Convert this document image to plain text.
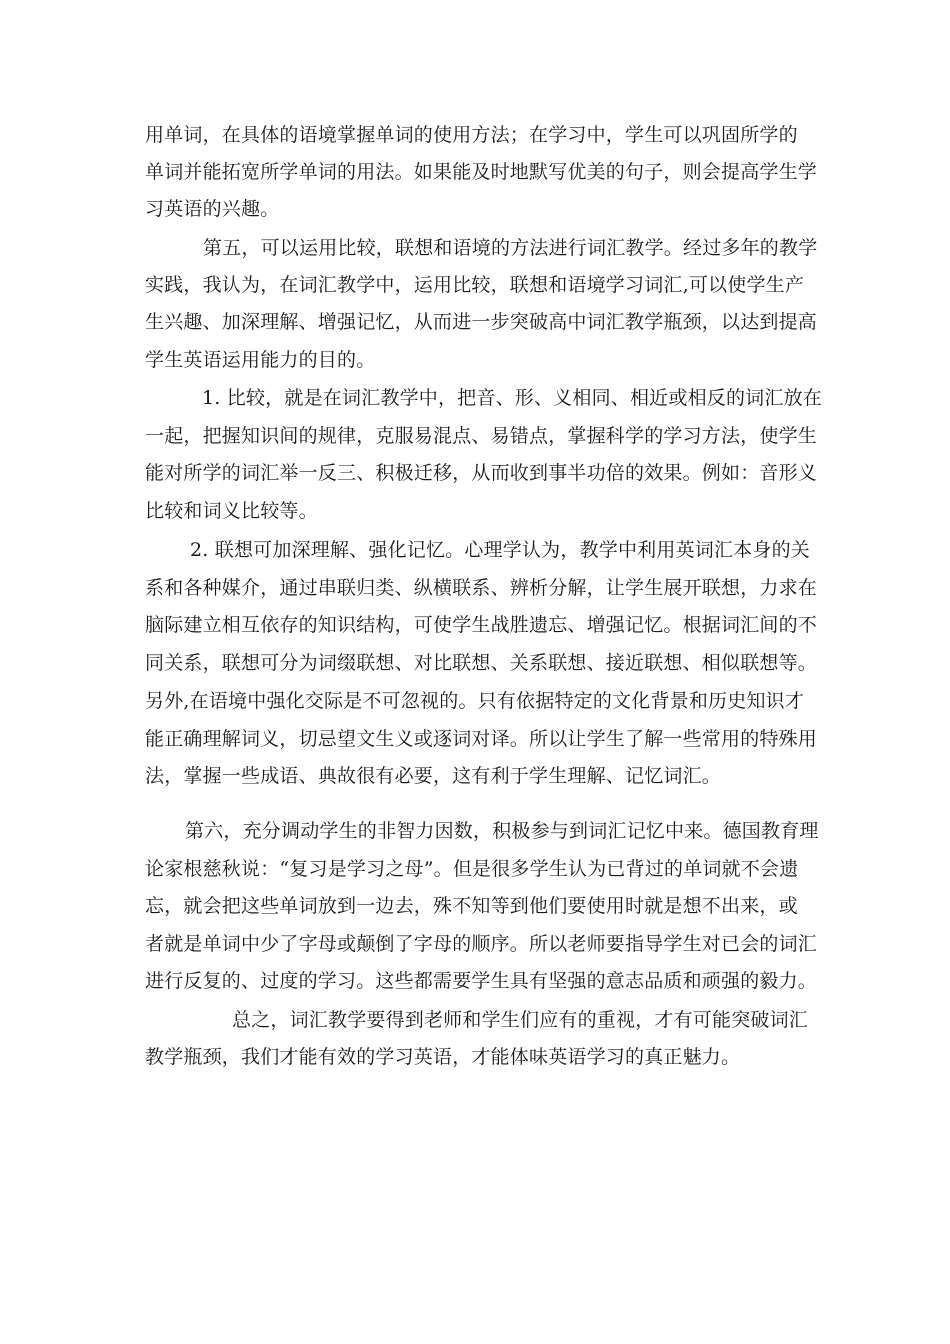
用单词，在具体的语境掌握单词的使用方法；在学习中，学生可以巩固所学的
单词并能拓宽所学单词的用法。如果能及时地默写优美的句子，则会提高学生学
习英语的兴趣。
第五，可以运用比较，联想和语境的方法进行词汇教学。经过多年的教学
实践，我认为，在词汇教学中，运用比较，联想和语境学习词汇,可以使学生产
生兴趣、加深理解、增强记忆，从而进一步突破高中词汇教学瓶颈，以达到提高
学生英语运用能力的目的。
1. 比较，就是在词汇教学中，把音、形、义相同、相近或相反的词汇放在
一起，把握知识间的规律，克服易混点、易错点，掌握科学的学习方法，使学生
能对所学的词汇举一反三、积极迁移，从而收到事半功倍的效果。例如：音形义
比较和词义比较等。
2. 联想可加深理解、强化记忆。心理学认为，教学中利用英词汇本身的关
系和各种媒介，通过串联归类、纵横联系、辨析分解，让学生展开联想，力求在
脑际建立相互依存的知识结构，可使学生战胜遗忘、增强记忆。根据词汇间的不
同关系，联想可分为词缀联想、对比联想、关系联想、接近联想、相似联想等。
另外,在语境中强化交际是不可忽视的。只有依据特定的文化背景和历史知识才
能正确理解词义，切忌望文生义或逐词对译。所以让学生了解一些常用的特殊用
法，掌握一些成语、典故很有必要，这有利于学生理解、记忆词汇。
第六，充分调动学生的非智力因数，积极参与到词汇记忆中来。德国教育理
论家根慈秋说：“复习是学习之母”。但是很多学生认为已背过的单词就不会遗
忘，就会把这些单词放到一边去，殊不知等到他们要使用时就是想不出来，或
者就是单词中少了字母或颠倒了字母的顺序。所以老师要指导学生对已会的词汇
进行反复的、过度的学习。这些都需要学生具有坚强的意志品质和顽强的毅力。
总之，词汇教学要得到老师和学生们应有的重视，才有可能突破词汇
教学瓶颈，我们才能有效的学习英语，才能体味英语学习的真正魅力。
